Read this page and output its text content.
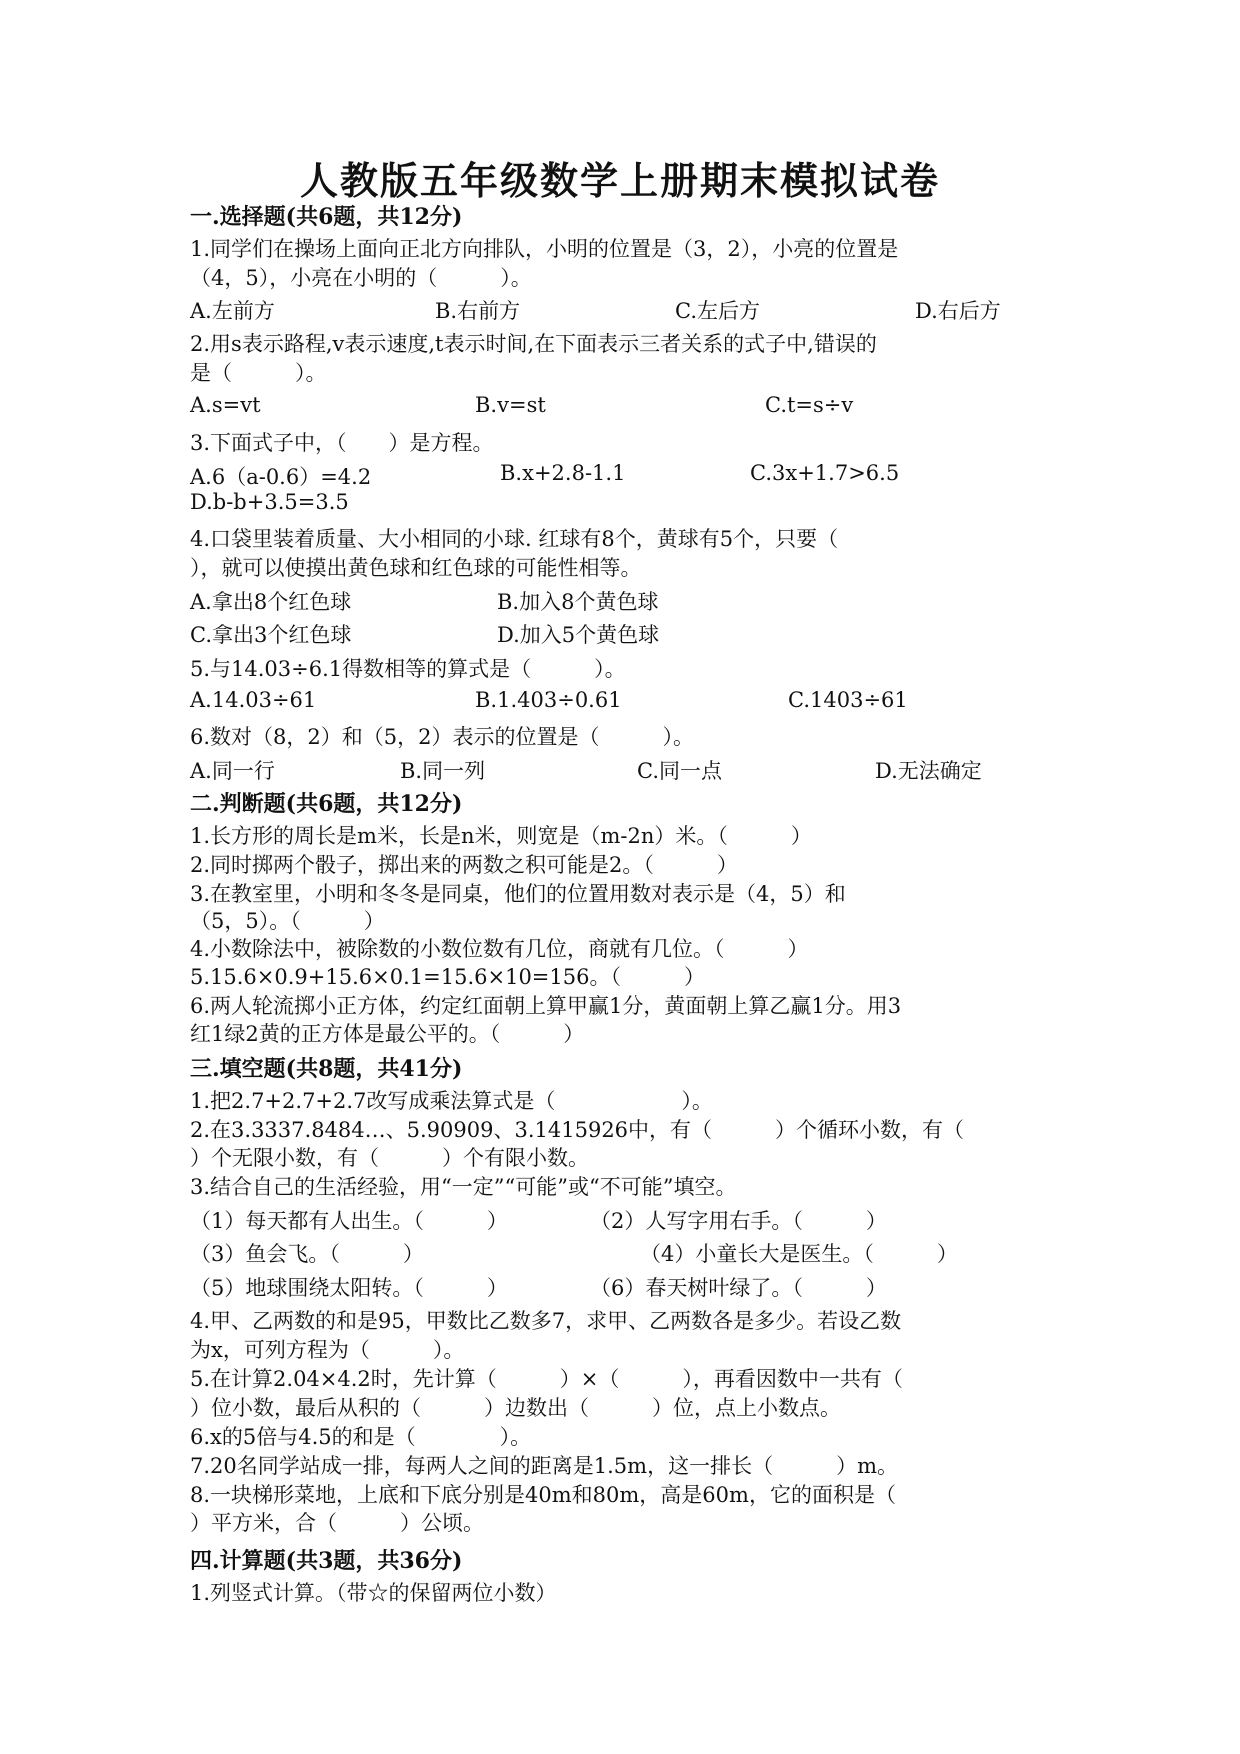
人教版五年级数学上册期末模拟试卷
一.选择题(共6题，共12分)
1.同学们在操场上面向正北方向排队，小明的位置是（3，2），小亮的位置是
（4，5），小亮在小明的（　　　）。
A.左前方	B.右前方	C.左后方	D.右后方
2.用s表示路程,v表示速度,t表示时间,在下面表示三者关系的式子中,错误的
是（　　　）。
A.s=vt	B.v=st	C.t=s÷v
3.下面式子中，（　　）是方程。
A.6（a-0.6）=4.2	B.x+2.8-1.1	C.3x+1.7>6.5
D.b-b+3.5=3.5
4.口袋里装着质量、大小相同的小球. 红球有8个，黄球有5个，只要（
），就可以使摸出黄色球和红色球的可能性相等。
A.拿出8个红色球	B.加入8个黄色球
C.拿出3个红色球	D.加入5个黄色球
5.与14.03÷6.1得数相等的算式是（　　　）。
A.14.03÷61	B.1.403÷0.61	C.1403÷61
6.数对（8，2）和（5，2）表示的位置是（　　　）。
A.同一行	B.同一列	C.同一点	D.无法确定
二.判断题(共6题，共12分)
1.长方形的周长是m米，长是n米，则宽是（m-2n）米。（　　　）
2.同时掷两个骰子，掷出来的两数之积可能是2。（　　　）
3.在教室里，小明和冬冬是同桌，他们的位置用数对表示是（4，5）和
（5，5）。（　　　）
4.小数除法中，被除数的小数位数有几位，商就有几位。（　　　）
5.15.6×0.9+15.6×0.1=15.6×10=156。（　　　）
6.两人轮流掷小正方体，约定红面朝上算甲赢1分，黄面朝上算乙赢1分。用3
红1绿2黄的正方体是最公平的。（　　　）
三.填空题(共8题，共41分)
1.把2.7+2.7+2.7改写成乘法算式是（　　　　　　）。
2.在3.3337.8484…、5.90909、3.1415926中，有（　　　）个循环小数，有（
）个无限小数，有（　　　）个有限小数。
3.结合自己的生活经验，用“一定”“可能”或“不可能”填空。
（1）每天都有人出生。（　　　）	（2）人写字用右手。（　　　）
（3）鱼会飞。（　　　）	（4）小童长大是医生。（　　　）
（5）地球围绕太阳转。（　　　）	（6）春天树叶绿了。（　　　）
4.甲、乙两数的和是95，甲数比乙数多7，求甲、乙两数各是多少。若设乙数
为x，可列方程为（　　　）。
5.在计算2.04×4.2时，先计算（　　　）×（　　　），再看因数中一共有（
）位小数，最后从积的（　　　）边数出（　　　）位，点上小数点。
6.x的5倍与4.5的和是（　　　　）。
7.20名同学站成一排，每两人之间的距离是1.5m，这一排长（　　　）m。
8.一块梯形菜地，上底和下底分别是40m和80m，高是60m，它的面积是（
）平方米，合（　　　）公顷。
四.计算题(共3题，共36分)
1.列竖式计算。（带☆的保留两位小数）
